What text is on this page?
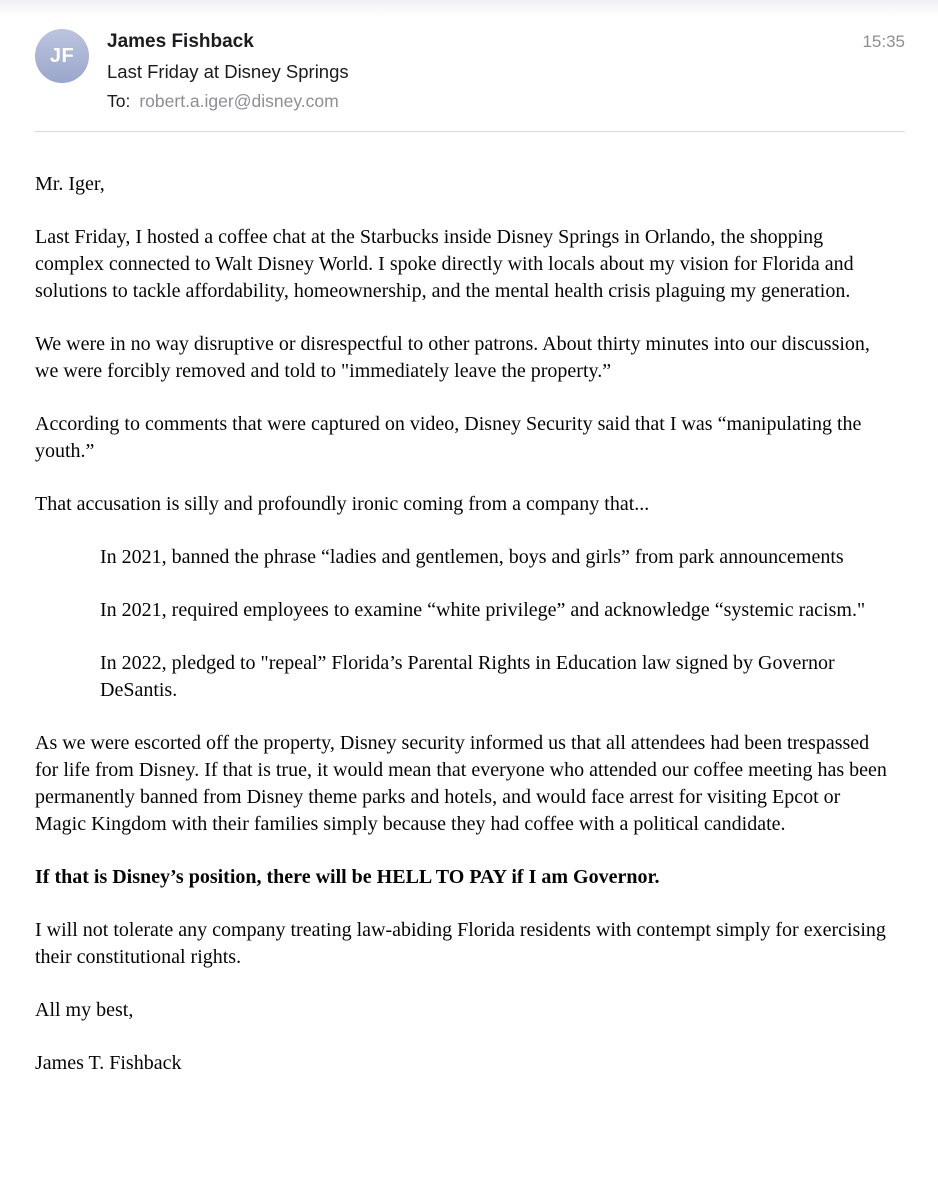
JF
James Fishback
Last Friday at Disney Springs
To: robert.a.iger@disney.com
15:35

Mr. Iger,

Last Friday, I hosted a coffee chat at the Starbucks inside Disney Springs in Orlando, the shopping complex connected to Walt Disney World. I spoke directly with locals about my vision for Florida and solutions to tackle affordability, homeownership, and the mental health crisis plaguing my generation.

We were in no way disruptive or disrespectful to other patrons. About thirty minutes into our discussion, we were forcibly removed and told to "immediately leave the property.”

According to comments that were captured on video, Disney Security said that I was “manipulating the youth.”

That accusation is silly and profoundly ironic coming from a company that...

In 2021, banned the phrase “ladies and gentlemen, boys and girls” from park announcements

In 2021, required employees to examine “white privilege” and acknowledge “systemic racism."

In 2022, pledged to "repeal” Florida’s Parental Rights in Education law signed by Governor DeSantis.

As we were escorted off the property, Disney security informed us that all attendees had been trespassed for life from Disney. If that is true, it would mean that everyone who attended our coffee meeting has been permanently banned from Disney theme parks and hotels, and would face arrest for visiting Epcot or Magic Kingdom with their families simply because they had coffee with a political candidate.

If that is Disney’s position, there will be HELL TO PAY if I am Governor.

I will not tolerate any company treating law-abiding Florida residents with contempt simply for exercising their constitutional rights.

All my best,

James T. Fishback
